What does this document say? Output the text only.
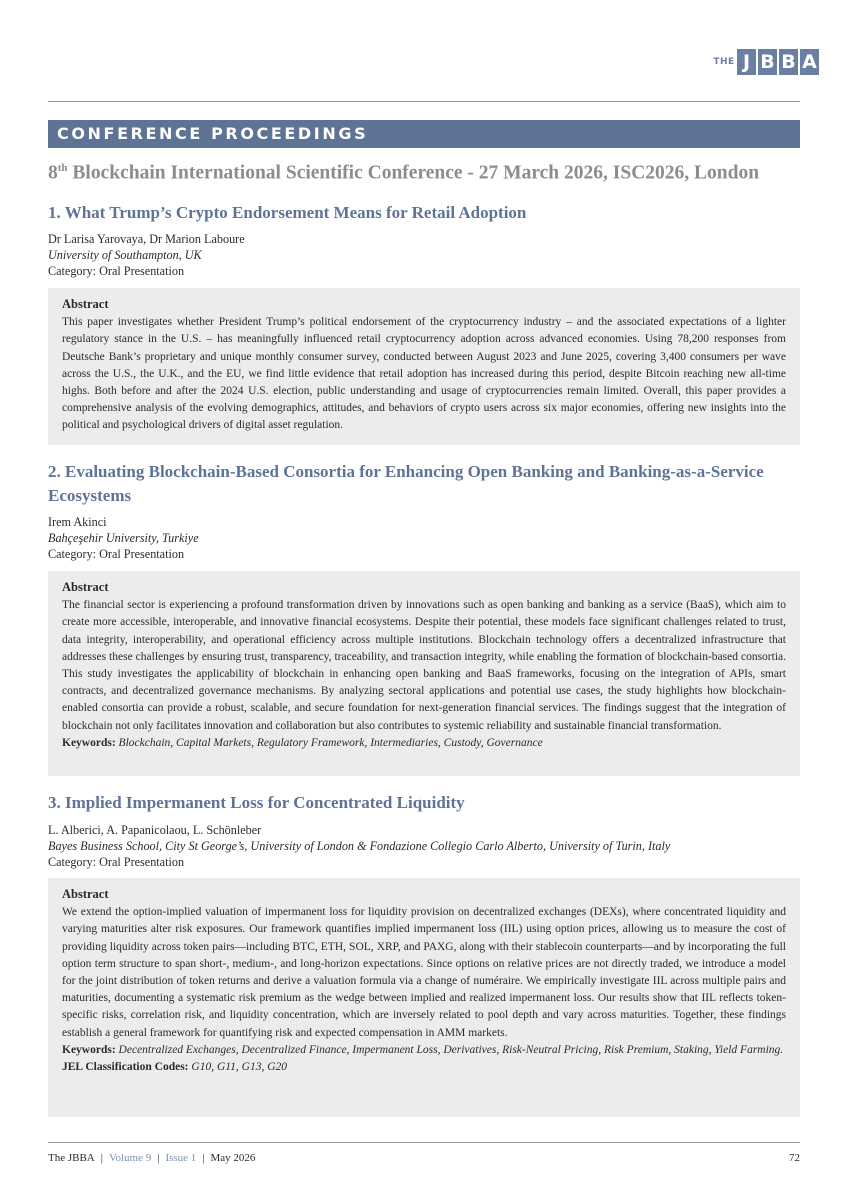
THE J B B A
CONFERENCE PROCEEDINGS
8th Blockchain International Scientific Conference - 27 March 2026, ISC2026, London
1. What Trump’s Crypto Endorsement Means for Retail Adoption
Dr Larisa Yarovaya, Dr Marion Laboure
University of Southampton, UK
Category: Oral Presentation
Abstract
This paper investigates whether President Trump’s political endorsement of the cryptocurrency industry – and the associated expectations of a lighter regulatory stance in the U.S. – has meaningfully influenced retail cryptocurrency adoption across advanced economies. Using 78,200 responses from Deutsche Bank’s proprietary and unique monthly consumer survey, conducted between August 2023 and June 2025, covering 3,400 consumers per wave across the U.S., the U.K., and the EU, we find little evidence that retail adoption has increased during this period, despite Bitcoin reaching new all-time highs. Both before and after the 2024 U.S. election, public understanding and usage of cryptocurrencies remain limited. Overall, this paper provides a comprehensive analysis of the evolving demographics, attitudes, and behaviors of crypto users across six major economies, offering new insights into the political and psychological drivers of digital asset regulation.
2. Evaluating Blockchain-Based Consortia for Enhancing Open Banking and Banking-as-a-Service Ecosystems
Irem Akinci
Bahçeşehir University, Turkiye
Category: Oral Presentation
Abstract
The financial sector is experiencing a profound transformation driven by innovations such as open banking and banking as a service (BaaS), which aim to create more accessible, interoperable, and innovative financial ecosystems. Despite their potential, these models face significant challenges related to trust, data integrity, interoperability, and operational efficiency across multiple institutions. Blockchain technology offers a decentralized infrastructure that addresses these challenges by ensuring trust, transparency, traceability, and transaction integrity, while enabling the formation of blockchain-based consortia. This study investigates the applicability of blockchain in enhancing open banking and BaaS frameworks, focusing on the integration of APIs, smart contracts, and decentralized governance mechanisms. By analyzing sectoral applications and potential use cases, the study highlights how blockchain-enabled consortia can provide a robust, scalable, and secure foundation for next-generation financial services. The findings suggest that the integration of blockchain not only facilitates innovation and collaboration but also contributes to systemic reliability and sustainable financial transformation.
Keywords: Blockchain, Capital Markets, Regulatory Framework, Intermediaries, Custody, Governance
3. Implied Impermanent Loss for Concentrated Liquidity
L. Alberici, A. Papanicolaou, L. Schönleber
Bayes Business School, City St George’s, University of London & Fondazione Collegio Carlo Alberto, University of Turin, Italy
Category: Oral Presentation
Abstract
We extend the option-implied valuation of impermanent loss for liquidity provision on decentralized exchanges (DEXs), where concentrated liquidity and varying maturities alter risk exposures. Our framework quantifies implied impermanent loss (IIL) using option prices, allowing us to measure the cost of providing liquidity across token pairs—including BTC, ETH, SOL, XRP, and PAXG, along with their stablecoin counterparts—and by incorporating the full option term structure to span short-, medium-, and long-horizon expectations. Since options on relative prices are not directly traded, we introduce a model for the joint distribution of token returns and derive a valuation formula via a change of numéraire. We empirically investigate IIL across multiple pairs and maturities, documenting a systematic risk premium as the wedge between implied and realized impermanent loss. Our results show that IIL reflects token-specific risks, correlation risk, and liquidity concentration, which are inversely related to pool depth and vary across maturities. Together, these findings establish a general framework for quantifying risk and expected compensation in AMM markets.
Keywords: Decentralized Exchanges, Decentralized Finance, Impermanent Loss, Derivatives, Risk-Neutral Pricing, Risk Premium, Staking, Yield Farming.
JEL Classification Codes: G10, G11, G13, G20
The JBBA | Volume 9 | Issue 1 | May 2026	72
